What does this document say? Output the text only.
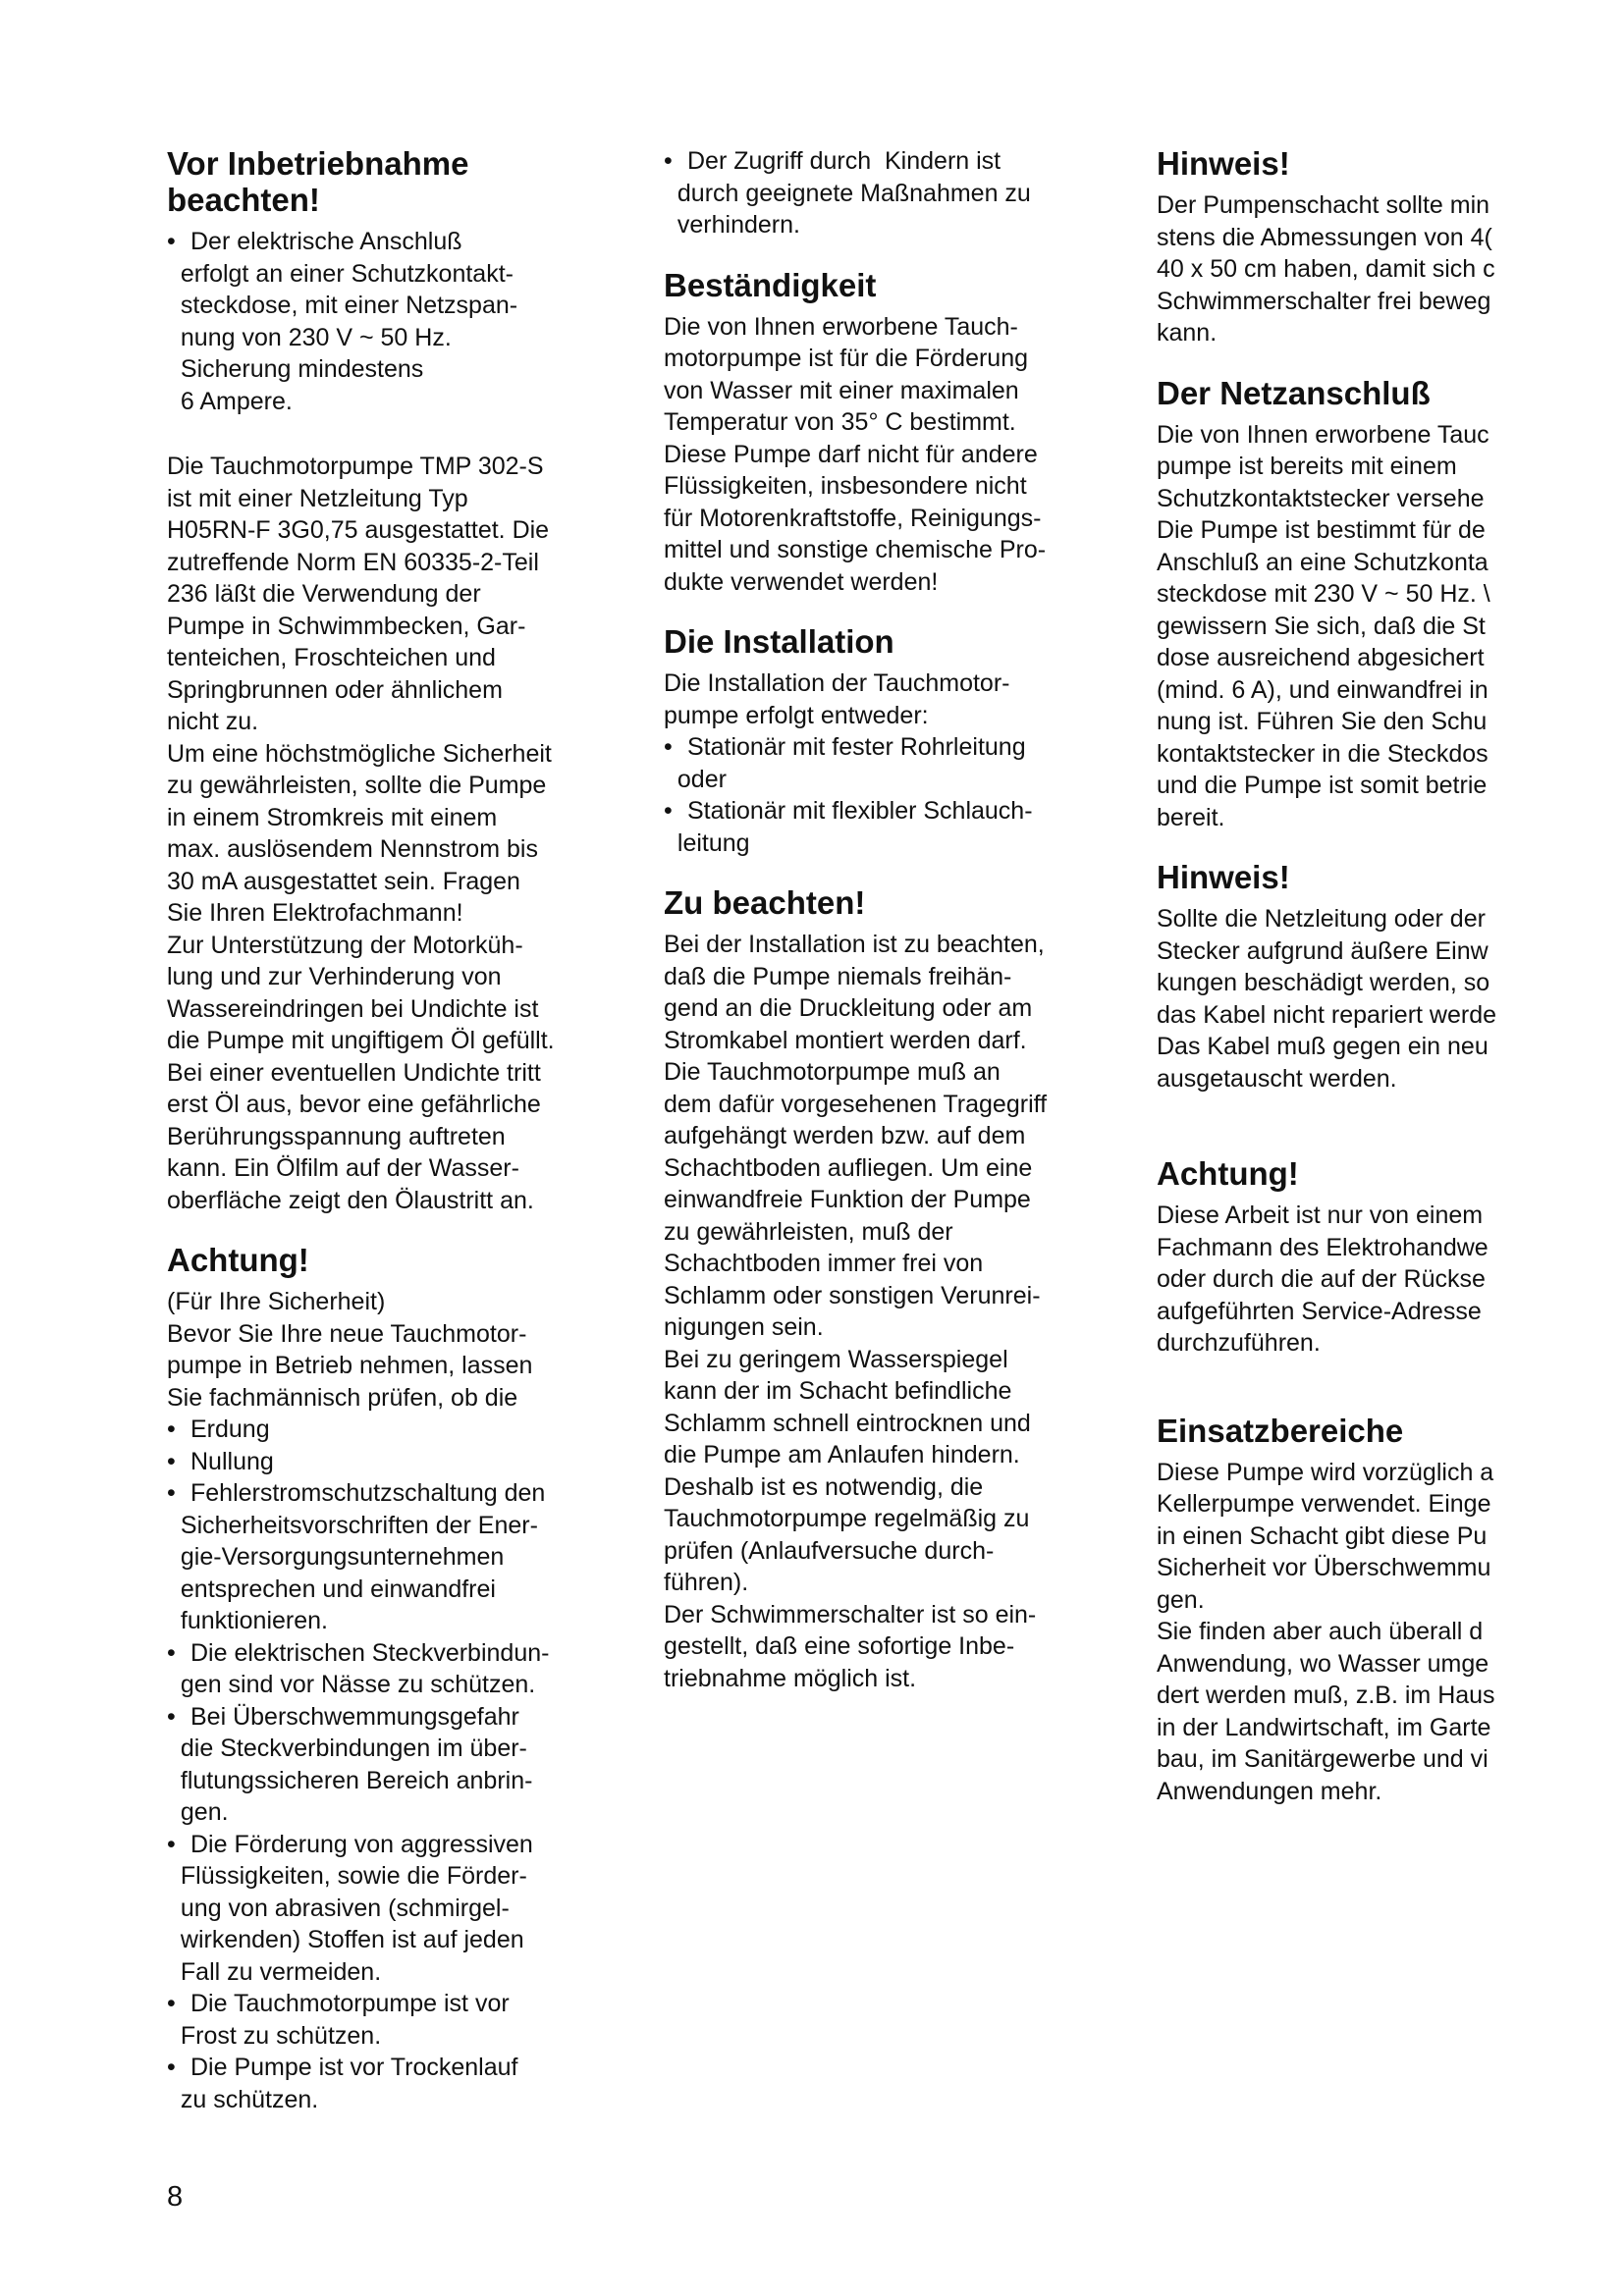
Vor Inbetriebnahme
beachten!
• Der elektrische Anschluß
erfolgt an einer Schutzkontakt-
steckdose, mit einer Netzspan-
nung von 230 V ~ 50 Hz.
Sicherung mindestens
6 Ampere.
Die Tauchmotorpumpe TMP 302-S
ist mit einer Netzleitung Typ
H05RN-F 3G0,75 ausgestattet. Die
zutreffende Norm EN 60335-2-Teil
236 läßt die Verwendung der
Pumpe in Schwimmbecken, Gar-
tenteichen, Froschteichen und
Springbrunnen oder ähnlichem
nicht zu.
Um eine höchstmögliche Sicherheit
zu gewährleisten, sollte die Pumpe
in einem Stromkreis mit einem
max. auslösendem Nennstrom bis
30 mA ausgestattet sein. Fragen
Sie Ihren Elektrofachmann!
Zur Unterstützung der Motorküh-
lung und zur Verhinderung von
Wassereindringen bei Undichte ist
die Pumpe mit ungiftigem Öl gefüllt.
Bei einer eventuellen Undichte tritt
erst Öl aus, bevor eine gefährliche
Berührungsspannung auftreten
kann. Ein Ölfilm auf der Wasser-
oberfläche zeigt den Ölaustritt an.
Achtung!
(Für Ihre Sicherheit)
Bevor Sie Ihre neue Tauchmotor-
pumpe in Betrieb nehmen, lassen
Sie fachmännisch prüfen, ob die
• Erdung
• Nullung
• Fehlerstromschutzschaltung den
Sicherheitsvorschriften der Ener-
gie-Versorgungsunternehmen
entsprechen und einwandfrei
funktionieren.
• Die elektrischen Steckverbindun-
gen sind vor Nässe zu schützen.
• Bei Überschwemmungsgefahr
die Steckverbindungen im über-
flutungssicheren Bereich anbrin-
gen.
• Die Förderung von aggressiven
Flüssigkeiten, sowie die Förder-
ung von abrasiven (schmirgel-
wirkenden) Stoffen ist auf jeden
Fall zu vermeiden.
• Die Tauchmotorpumpe ist vor
Frost zu schützen.
• Die Pumpe ist vor Trockenlauf
zu schützen.
• Der Zugriff durch  Kindern ist
durch geeignete Maßnahmen zu
verhindern.
Beständigkeit
Die von Ihnen erworbene Tauch-
motorpumpe ist für die Förderung
von Wasser mit einer maximalen
Temperatur von 35° C bestimmt.
Diese Pumpe darf nicht für andere
Flüssigkeiten, insbesondere nicht
für Motorenkraftstoffe, Reinigungs-
mittel und sonstige chemische Pro-
dukte verwendet werden!
Die Installation
Die Installation der Tauchmotor-
pumpe erfolgt entweder:
• Stationär mit fester Rohrleitung
oder
• Stationär mit flexibler Schlauch-
leitung
Zu beachten!
Bei der Installation ist zu beachten,
daß die Pumpe niemals freihän-
gend an die Druckleitung oder am
Stromkabel montiert werden darf.
Die Tauchmotorpumpe muß an
dem dafür vorgesehenen Tragegriff
aufgehängt werden bzw. auf dem
Schachtboden aufliegen. Um eine
einwandfreie Funktion der Pumpe
zu gewährleisten, muß der
Schachtboden immer frei von
Schlamm oder sonstigen Verunrei-
nigungen sein.
Bei zu geringem Wasserspiegel
kann der im Schacht befindliche
Schlamm schnell eintrocknen und
die Pumpe am Anlaufen hindern.
Deshalb ist es notwendig, die
Tauchmotorpumpe regelmäßig zu
prüfen (Anlaufversuche durch-
führen).
Der Schwimmerschalter ist so ein-
gestellt, daß eine sofortige Inbe-
triebnahme möglich ist.
Hinweis!
Der Pumpenschacht sollte min
stens die Abmessungen von 4(
40 x 50 cm haben, damit sich c
Schwimmerschalter frei beweg
kann.
Der Netzanschluß
Die von Ihnen erworbene Tauc
pumpe ist bereits mit einem
Schutzkontaktstecker versehe
Die Pumpe ist bestimmt für de
Anschluß an eine Schutzkonta
steckdose mit 230 V ~ 50 Hz. \
gewissern Sie sich, daß die St
dose ausreichend abgesichert
(mind. 6 A), und einwandfrei in
nung ist. Führen Sie den Schu
kontaktstecker in die Steckdos
und die Pumpe ist somit betrie
bereit.
Hinweis!
Sollte die Netzleitung oder der
Stecker aufgrund äußere Einw
kungen beschädigt werden, so
das Kabel nicht repariert werde
Das Kabel muß gegen ein neu
ausgetauscht werden.
Achtung!
Diese Arbeit ist nur von einem
Fachmann des Elektrohandwe
oder durch die auf der Rückse
aufgeführten Service-Adresse
durchzuführen.
Einsatzbereiche
Diese Pumpe wird vorzüglich a
Kellerpumpe verwendet. Einge
in einen Schacht gibt diese Pu
Sicherheit vor Überschwemmu
gen.
Sie finden aber auch überall d
Anwendung, wo Wasser umge
dert werden muß, z.B. im Haus
in der Landwirtschaft, im Garte
bau, im Sanitärgewerbe und vi
Anwendungen mehr.
8
